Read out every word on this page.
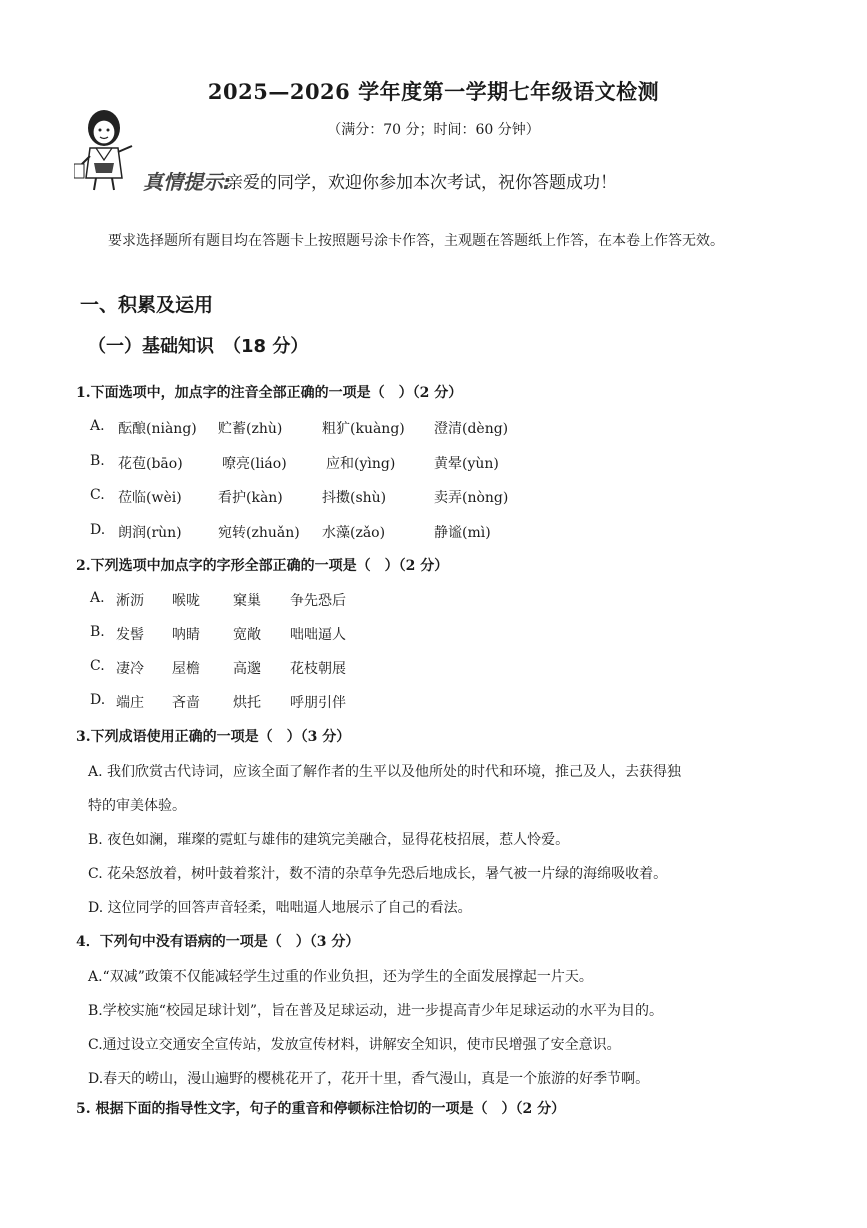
2025—2026 学年度第一学期七年级语文检测
（满分：70 分；时间：60 分钟）
真情提示:
亲爱的同学，欢迎你参加本次考试，祝你答题成功！
要求选择题所有题目均在答题卡上按照题号涂卡作答，主观题在答题纸上作答，在本卷上作答无效。
一、积累及运用
（一）基础知识　（18 分）
1.下面选项中，加点字的注音全部正确的一项是（　）（2 分）
A. 酝酿(niàng) 贮蓄(zhù)	粗犷(kuàng) 澄清(dèng)
B. 花苞(bāo)	嘹亮(liáo)	应和(yìng)	黄晕(yùn)
C. 莅临(wèi)	看护(kàn)	抖擞(shù)	卖弄(nòng)
D. 朗润(rùn)	宛转(zhuǎn) 水藻(zǎo)	静谧(mì)
2.下列选项中加点字的字形全部正确的一项是（　）（2 分）
A. 淅沥 喉咙 窠巢 争先恐后
B. 发髻 呐睛 宽敞 咄咄逼人
C. 凄冷 屋檐 高邈 花枝朝展
D. 端庄 吝啬 烘托 呼朋引伴
3.下列成语使用正确的一项是（　）（3 分）
A. 我们欣赏古代诗词，应该全面了解作者的生平以及他所处的时代和环境，推己及人，去获得独
特的审美体验。
B. 夜色如澜，璀璨的霓虹与雄伟的建筑完美融合，显得花枝招展，惹人怜爱。
C. 花朵怒放着，树叶鼓着浆汁，数不清的杂草争先恐后地成长，暑气被一片绿的海绵吸收着。
D. 这位同学的回答声音轻柔，咄咄逼人地展示了自己的看法。
4．下列句中没有语病的一项是（　）（3 分）
A.“双减”政策不仅能减轻学生过重的作业负担，还为学生的全面发展撑起一片天。
B.学校实施“校园足球计划”，旨在普及足球运动，进一步提高青少年足球运动的水平为目的。
C.通过设立交通安全宣传站，发放宣传材料，讲解安全知识，使市民增强了安全意识。
D.春天的崂山，漫山遍野的樱桃花开了，花开十里，香气漫山，真是一个旅游的好季节啊。
5. 根据下面的指导性文字，句子的重音和停顿标注恰切的一项是（　）（2 分）
